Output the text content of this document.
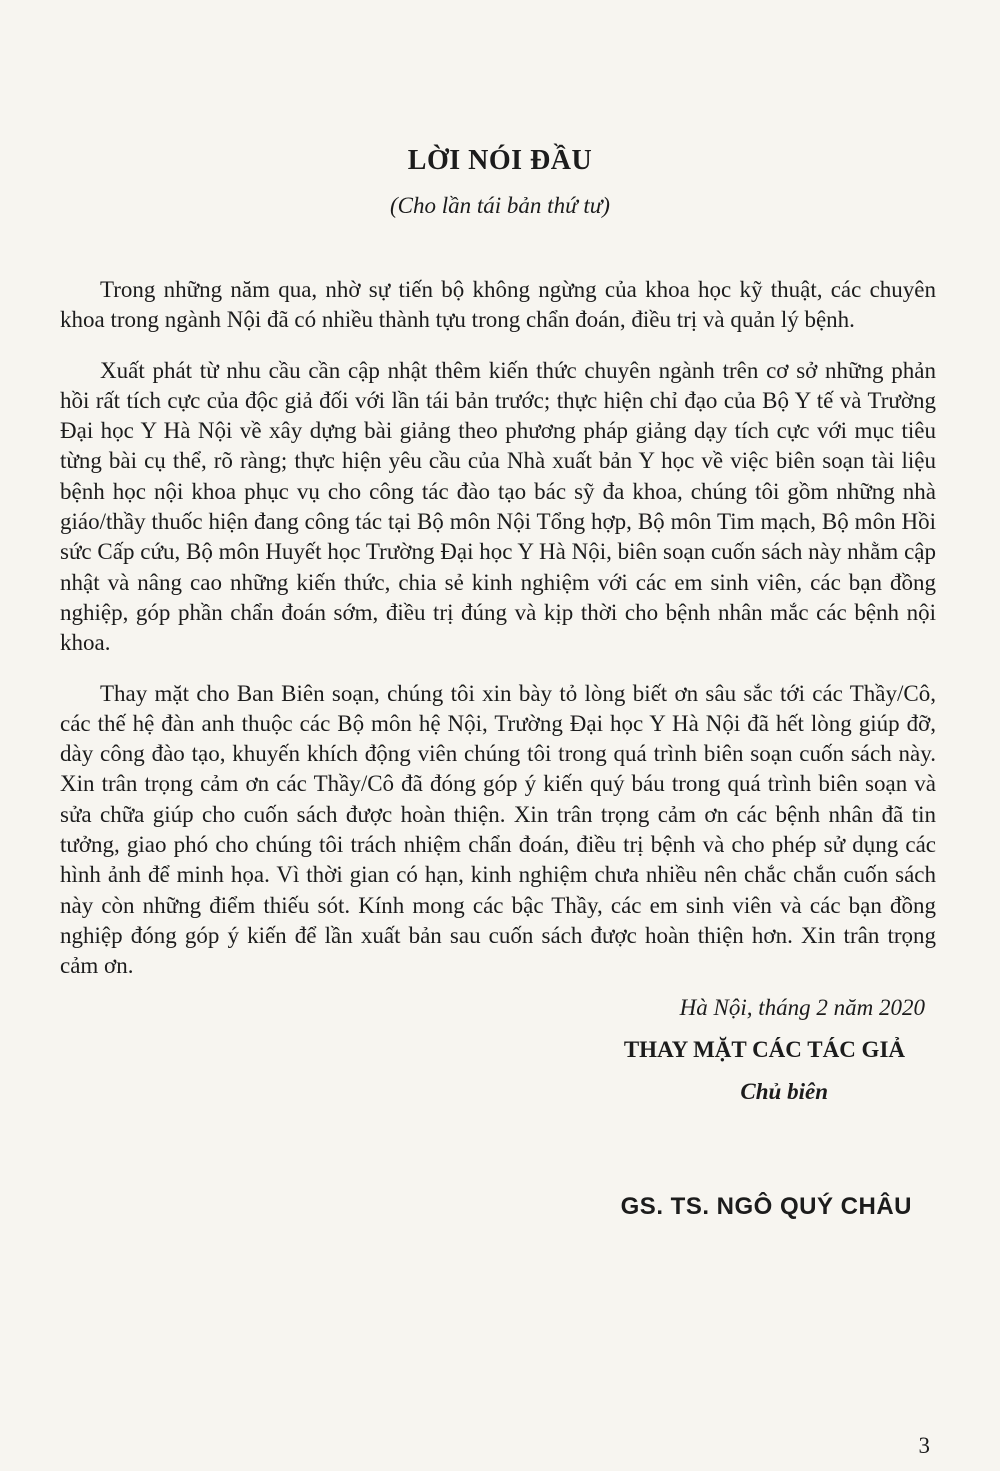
LỜI NÓI ĐẦU
(Cho lần tái bản thứ tư)

Trong những năm qua, nhờ sự tiến bộ không ngừng của khoa học kỹ thuật, các chuyên khoa trong ngành Nội đã có nhiều thành tựu trong chẩn đoán, điều trị và quản lý bệnh.

Xuất phát từ nhu cầu cần cập nhật thêm kiến thức chuyên ngành trên cơ sở những phản hồi rất tích cực của độc giả đối với lần tái bản trước; thực hiện chỉ đạo của Bộ Y tế và Trường Đại học Y Hà Nội về xây dựng bài giảng theo phương pháp giảng dạy tích cực với mục tiêu từng bài cụ thể, rõ ràng; thực hiện yêu cầu của Nhà xuất bản Y học về việc biên soạn tài liệu bệnh học nội khoa phục vụ cho công tác đào tạo bác sỹ đa khoa, chúng tôi gồm những nhà giáo/thầy thuốc hiện đang công tác tại Bộ môn Nội Tổng hợp, Bộ môn Tim mạch, Bộ môn Hồi sức Cấp cứu, Bộ môn Huyết học Trường Đại học Y Hà Nội, biên soạn cuốn sách này nhằm cập nhật và nâng cao những kiến thức, chia sẻ kinh nghiệm với các em sinh viên, các bạn đồng nghiệp, góp phần chẩn đoán sớm, điều trị đúng và kịp thời cho bệnh nhân mắc các bệnh nội khoa.

Thay mặt cho Ban Biên soạn, chúng tôi xin bày tỏ lòng biết ơn sâu sắc tới các Thầy/Cô, các thế hệ đàn anh thuộc các Bộ môn hệ Nội, Trường Đại học Y Hà Nội đã hết lòng giúp đỡ, dày công đào tạo, khuyến khích động viên chúng tôi trong quá trình biên soạn cuốn sách này. Xin trân trọng cảm ơn các Thầy/Cô đã đóng góp ý kiến quý báu trong quá trình biên soạn và sửa chữa giúp cho cuốn sách được hoàn thiện. Xin trân trọng cảm ơn các bệnh nhân đã tin tưởng, giao phó cho chúng tôi trách nhiệm chẩn đoán, điều trị bệnh và cho phép sử dụng các hình ảnh để minh họa. Vì thời gian có hạn, kinh nghiệm chưa nhiều nên chắc chắn cuốn sách này còn những điểm thiếu sót. Kính mong các bậc Thầy, các em sinh viên và các bạn đồng nghiệp đóng góp ý kiến để lần xuất bản sau cuốn sách được hoàn thiện hơn. Xin trân trọng cảm ơn.

Hà Nội, tháng 2 năm 2020
THAY MẶT CÁC TÁC GIẢ
Chủ biên
GS. TS. NGÔ QUÝ CHÂU
3
